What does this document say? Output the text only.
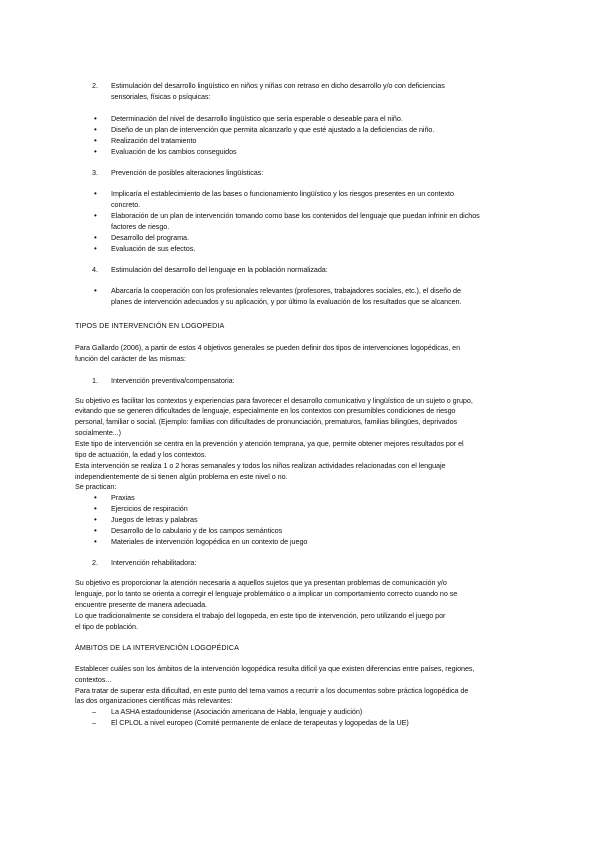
2. Estimulación del desarrollo lingüístico en niños y niñas con retraso en dicho desarrollo y/o con deficiencias
sensoriales, físicas o psíquicas:
• Determinación del nivel de desarrollo lingüístico que sería esperable o deseable para el niño.
• Diseño de un plan de intervención que permita alcanzarlo y que esté ajustado a la deficiencias de niño.
• Realización del tratamiento
• Evaluación de los cambios conseguidos
3. Prevención de posibles alteraciones lingüísticas:
• Implicaría el establecimiento de las bases o funcionamiento lingüístico y los riesgos presentes en un contexto
concreto.
• Elaboración de un plan de intervención tomando como base los contenidos del lenguaje que puedan infrinir en dichos
factores de riesgo.
• Desarrollo del programa.
• Evaluación de sus efectos.
4. Estimulación del desarrollo del lenguaje en la población normalizada:
• Abarcaría la cooperación con los profesionales relevantes (profesores, trabajadores sociales, etc.), el diseño de
planes de intervención adecuados y su aplicación, y por último la evaluación de los resultados que se alcancen.
TIPOS DE INTERVENCIÓN EN LOGOPEDIA
Para Gallardo (2006), a partir de estos 4 objetivos generales se pueden definir dos tipos de intervenciones logopédicas, en
función del carácter de las mismas:
1. Intervención preventiva/compensatoria:
Su objetivo es facilitar los contextos y experiencias para favorecer el desarrollo comunicativo y lingüístico de un sujeto o grupo,
evitando que se generen dificultades de lenguaje, especialmente en los contextos con presumibles condiciones de riesgo
personal, familiar o social. (Ejemplo: familias con dificultades de pronunciación, prematuros, familias bilingües, deprivados
socialmente...)
Este tipo de intervención se centra en la prevención y atención temprana, ya que, permite obtener mejores resultados por el
tipo de actuación, la edad y los contextos.
Esta intervención se realiza 1 o 2 horas semanales y todos los niños realizan actividades relacionadas con el lenguaje
independientemente de si tienen algún problema en este nivel o no.
Se practican:
• Praxias
• Ejercicios de respiración
• Juegos de letras y palabras
• Desarrollo de lo cabulario y de los campos semánticos
• Materiales de intervención logopédica en un contexto de juego
2. Intervención rehabilitadora:
Su objetivo es proporcionar la atención necesaria a aquellos sujetos que ya presentan problemas de comunicación y/o
lenguaje, por lo tanto se orienta a corregir el lenguaje problemático o a implicar un comportamiento correcto cuando no se
encuentre presente de manera adecuada.
Lo que tradicionalmente se considera el trabajo del logopeda, en este tipo de intervención, pero utilizando el juego por
el tipo de población.
ÁMBITOS DE LA INTERVENCIÓN LOGOPÉDICA
Establecer cuáles son los ámbitos de la intervención logopédica resulta difícil ya que existen diferencias entre países, regiones,
contextos...
Para tratar de superar esta dificultad, en este punto del tema vamos a recurrir a los documentos sobre práctica logopédica de
las dos organizaciones científicas más relevantes:
– La ASHA estadounidense (Asociación americana de Habla, lenguaje y audición)
– El CPLOL a nivel europeo (Comité permanente de enlace de terapeutas y logopedas de la UE)
